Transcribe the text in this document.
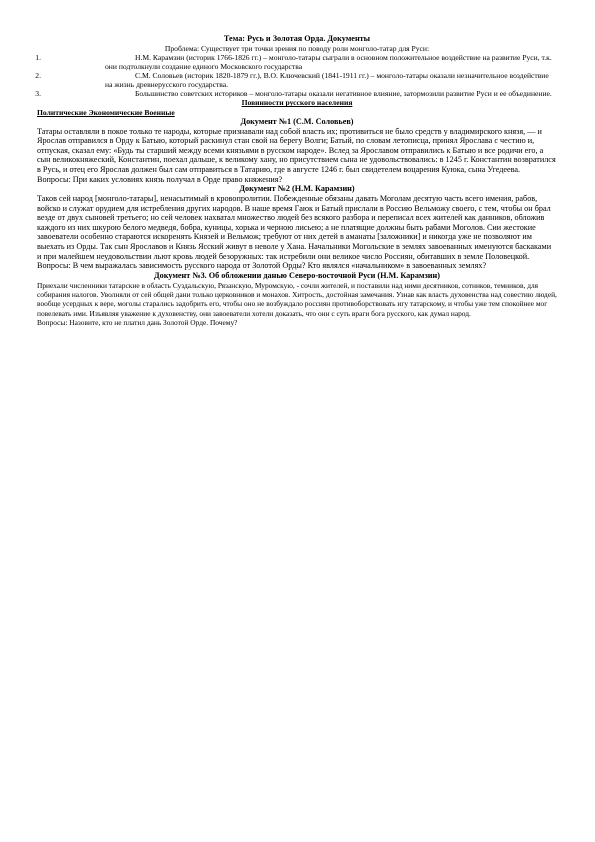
Тема: Русь и Золотая Орда. Документы

Проблема: Существует три точки зрения по поводу роли монголо-татар для Руси:

1.	Н.М. Карамзин (историк 1766-1826 гг.) – монголо-татары сыграли в основном положительное воздействие на развитие Руси, т.к. они подтолкнули создание единого Московского государства
2.	С.М. Соловьев (историк 1820-1879 гг.), В.О. Ключевский (1841-1911 гг.) – монголо-татары оказали незначительное воздействие на жизнь древнерусского государства.
3.	Большинство советских историков – монголо-татары оказали негативное влияние, затормозили развитие Руси и ее объединение.

Повинности русского населения

Политические Экономические Военные

Документ №1 (С.М. Соловьев)

Татары оставляли в покое только те народы, которые признавали над собой власть их; противиться не было средств у владимирского князя, — и Ярослав отправился в Орду к Батыю, который раскинул стан свой на берегу Волги; Батый, по словам летописца, принял Ярослава с честию и, отпуская, сказал ему: «Будь ты старший между всеми князьями в русском народе». Вслед за Ярославом отправились к Батыю и все родичи его, а сын великокняжеский, Константин, поехал дальше, к великому хану, но присутствием сына не удовольствовались: в 1245 г. Константин возвратился в Русь, и отец его Ярослав должен был сам отправиться в Татарию, где в августе 1246 г. был свидетелем воцарения Куюка, сына Угедеева.

Вопросы: При каких условиях князь получал в Орде право княжения?

Документ №2 (Н.М. Карамзин)

Таков сей народ [монголо-татары], ненасытимый в кровопролитии. Побежденные обязаны давать Моголам десятую часть всего имения, рабов, войско и служат орудием для истребления других народов. В наше время Гаюк и Батый прислали в Россию Вельможу своего, с тем, чтобы он брал везде от двух сыновей третьего; но сей человек нахватал множество людей без всякого разбора и переписал всех жителей как данников, обложив каждого из них шкурою белого медведя, бобра, куницы, хорька и черною лисьею; а не платящие должны быть рабами Моголов. Сии жестокие завоеватели особенно стараются искоренять Князей и Вельмож; требуют от них детей в аманаты [заложники] и никогда уже не позволяют им выехать из Орды. Так сын Ярославов и Князь Ясский живут в неволе у Хана. Начальники Могольские в землях завоеванных именуются баскаками и при малейшем неудовольствии льют кровь людей безоружных: так истребили они великое число Россиян, обитавших в земле Половецкой.

Вопросы: В чем выражалась зависимость русского народа от Золотой Орды? Кто являлся «начальником» в завоеванных землях?

Документ №3. Об обложении данью Северо-восточной Руси (Н.М. Карамзин)

Приехали численники татарские в область Суздальскую, Рязанскую, Муромскую, - сочли жителей, и поставили над ними десятников, сотников, темников, для собирания налогов. Уволняли от сей общей дани только церковников и монахов. Хитрость, достойная замечания. Узнав как власть духовенства над совестию людей, вообще усердных к вере, моголы старались задобрить его, чтобы оно не возбуждало россиян противоборствовать игу татарскому, и чтобы уже тем спокойнее мог повелевать ими. Изъявляя уважение к духовенству, они завоеватели хотели доказать, что они с суть враги бога русского, как думал народ.

Вопросы: Назовите, кто не платил дань Золотой Орде. Почему?
